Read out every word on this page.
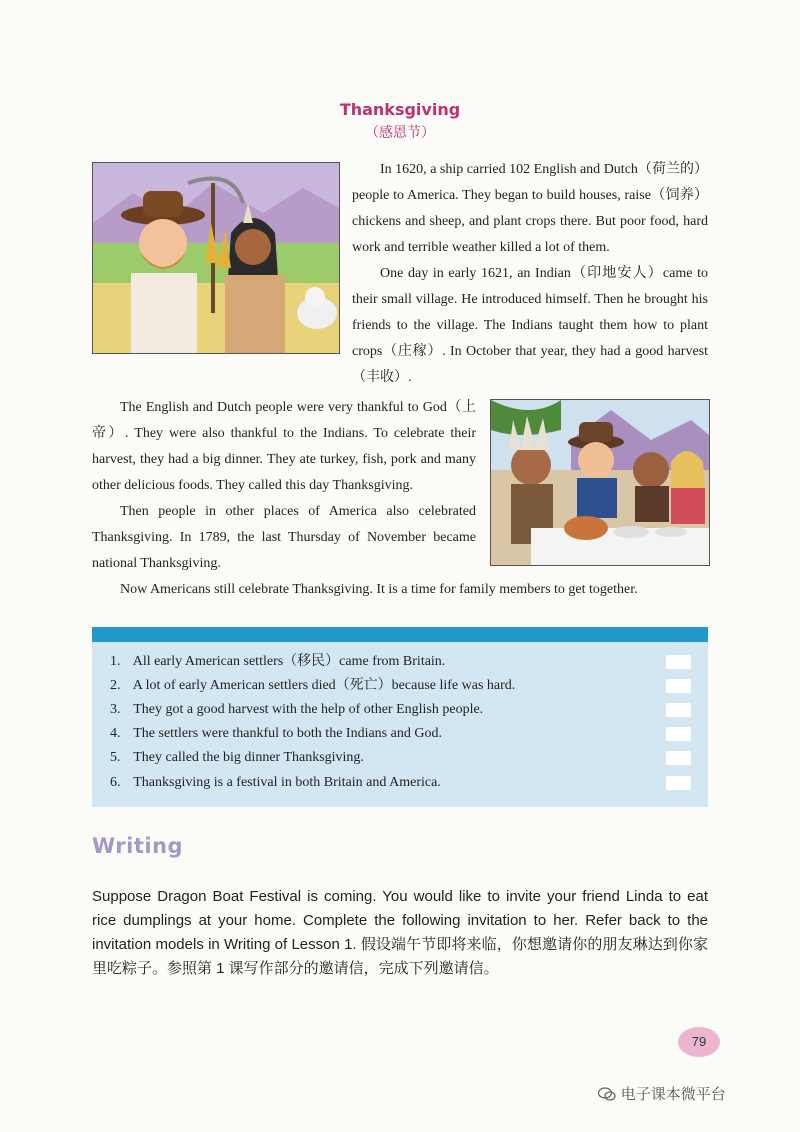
Thanksgiving
（感恩节）
In 1620, a ship carried 102 English and Dutch（荷兰的）people to America. They began to build houses, raise（饲养）chickens and sheep, and plant crops there. But poor food, hard work and terrible weather killed a lot of them.
One day in early 1621, an Indian（印地安人）came to their small village. He introduced himself. Then he brought his friends to the village. The Indians taught them how to plant crops（庄稼）. In October that year, they had a good harvest（丰收）.
The English and Dutch people were very thankful to God（上帝）. They were also thankful to the Indians. To celebrate their harvest, they had a big dinner. They ate turkey, fish, pork and many other delicious foods. They called this day Thanksgiving.
Then people in other places of America also celebrated Thanksgiving. In 1789, the last Thursday of November became national Thanksgiving.
Now Americans still celebrate Thanksgiving. It is a time for family members to get together.
1. All early American settlers（移民）came from Britain.
2. A lot of early American settlers died（死亡）because life was hard.
3. They got a good harvest with the help of other English people.
4. The settlers were thankful to both the Indians and God.
5. They called the big dinner Thanksgiving.
6. Thanksgiving is a festival in both Britain and America.
Writing
Suppose Dragon Boat Festival is coming. You would like to invite your friend Linda to eat rice dumplings at your home. Complete the following invitation to her. Refer back to the invitation models in Writing of Lesson 1. 假设端午节即将来临，你想邀请你的朋友琳达到你家里吃粽子。参照第 1 课写作部分的邀请信，完成下列邀请信。
79
电子课本微平台
